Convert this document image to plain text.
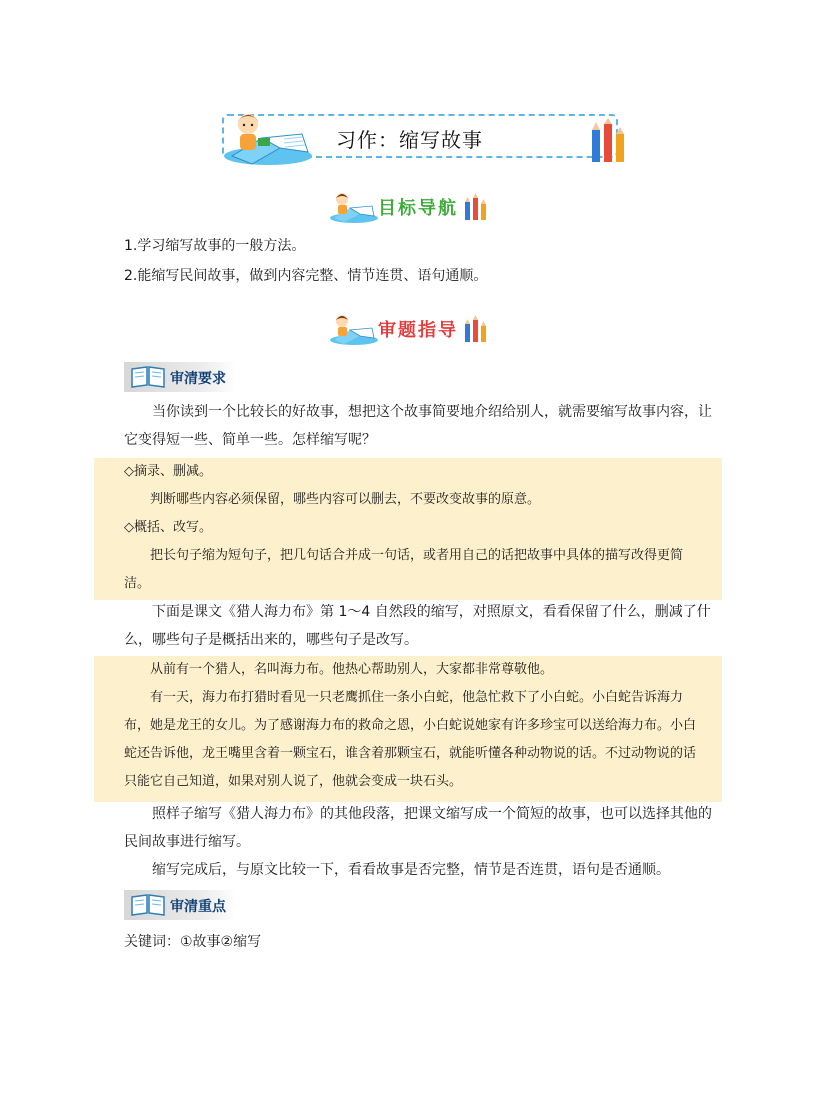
习作：缩写故事
目标导航

1.学习缩写故事的一般方法。

2.能缩写民间故事，做到内容完整、情节连贯、语句通顺。

审题指导
审清要求

当你读到一个比较长的好故事，想把这个故事简要地介绍给别人，就需要缩写故事内容，让它变得短一些、简单一些。怎样缩写呢？

◇摘录、删减。

判断哪些内容必须保留，哪些内容可以删去，不要改变故事的原意。

◇概括、改写。

把长句子缩为短句子，把几句话合并成一句话，或者用自己的话把故事中具体的描写改得更简洁。

下面是课文《猎人海力布》第 1～4 自然段的缩写，对照原文，看看保留了什么，删减了什么，哪些句子是概括出来的，哪些句子是改写。

从前有一个猎人，名叫海力布。他热心帮助别人，大家都非常尊敬他。

有一天，海力布打猎时看见一只老鹰抓住一条小白蛇，他急忙救下了小白蛇。小白蛇告诉海力布，她是龙王的女儿。为了感谢海力布的救命之恩，小白蛇说她家有许多珍宝可以送给海力布。小白蛇还告诉他，龙王嘴里含着一颗宝石，谁含着那颗宝石，就能听懂各种动物说的话。不过动物说的话只能它自己知道，如果对别人说了，他就会变成一块石头。

照样子缩写《猎人海力布》的其他段落，把课文缩写成一个简短的故事，也可以选择其他的民间故事进行缩写。

缩写完成后，与原文比较一下，看看故事是否完整，情节是否连贯，语句是否通顺。

审清重点

关键词：①故事②缩写
